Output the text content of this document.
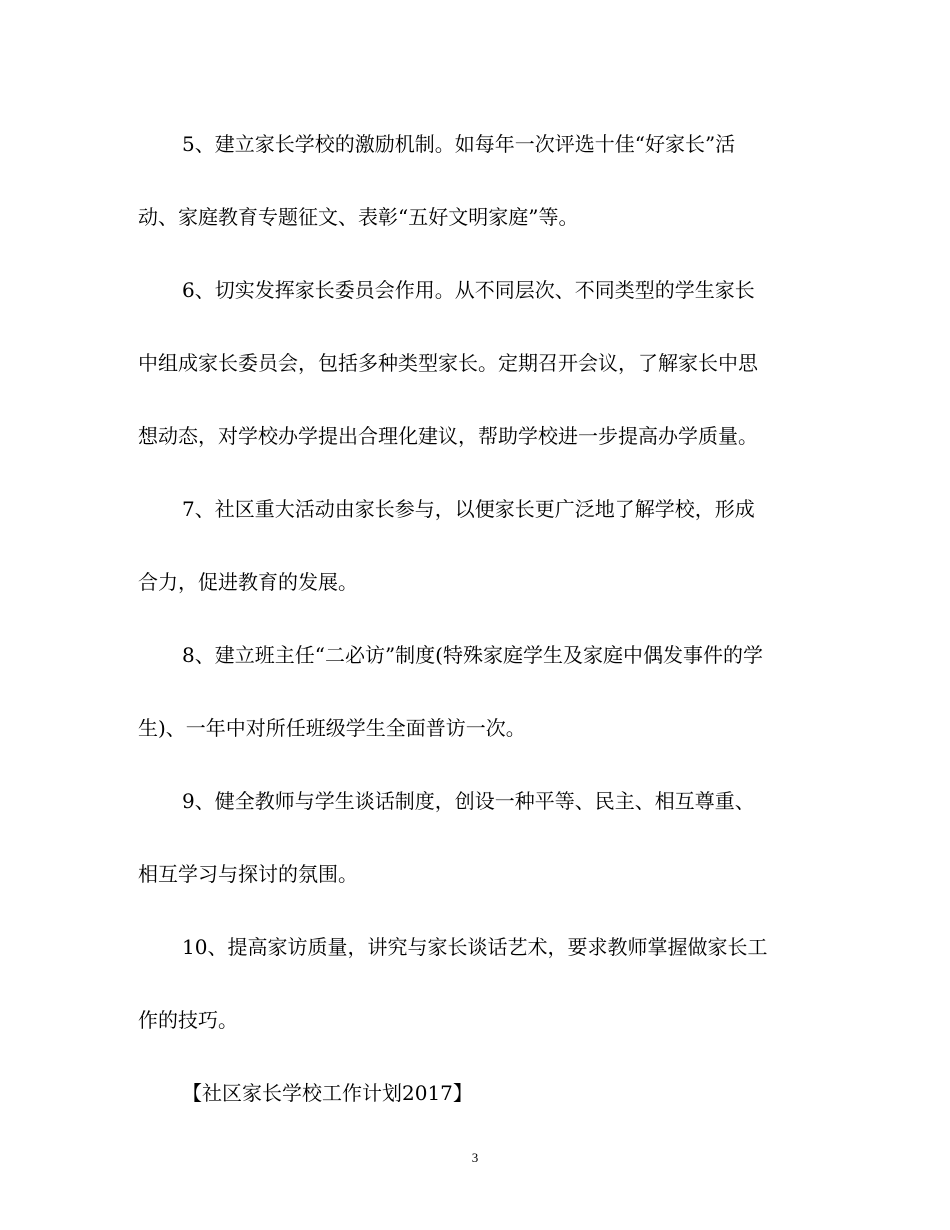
5、建立家长学校的激励机制。如每年一次评选十佳“好家长”活
动、家庭教育专题征文、表彰“五好文明家庭”等。
6、切实发挥家长委员会作用。从不同层次、不同类型的学生家长
中组成家长委员会，包括多种类型家长。定期召开会议，了解家长中思
想动态，对学校办学提出合理化建议，帮助学校进一步提高办学质量。
7、社区重大活动由家长参与，以便家长更广泛地了解学校，形成
合力，促进教育的发展。
8、建立班主任“二必访”制度(特殊家庭学生及家庭中偶发事件的学
生)、一年中对所任班级学生全面普访一次。
9、健全教师与学生谈话制度，创设一种平等、民主、相互尊重、
相互学习与探讨的氛围。
10、提高家访质量，讲究与家长谈话艺术，要求教师掌握做家长工
作的技巧。
【社区家长学校工作计划2017】
3
